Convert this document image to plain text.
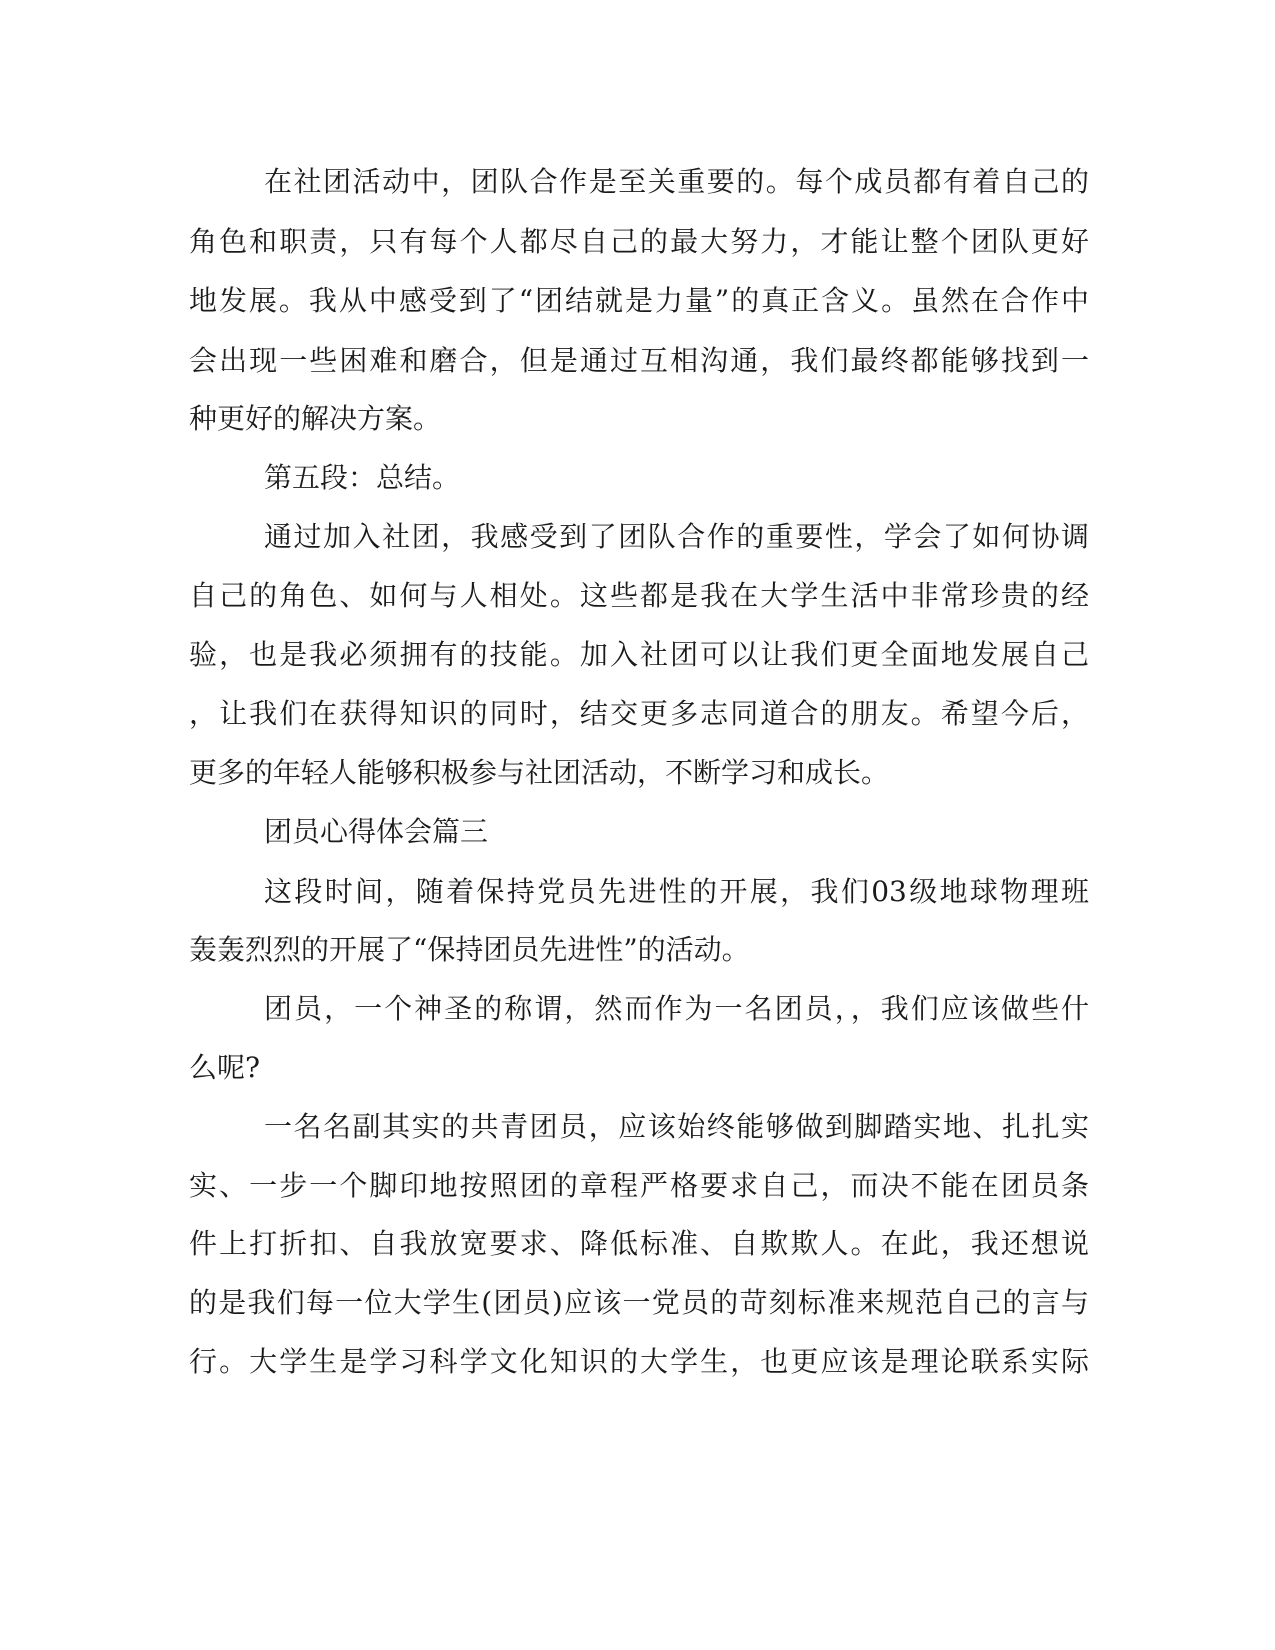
在社团活动中，团队合作是至关重要的。每个成员都有着自己的
角色和职责，只有每个人都尽自己的最大努力，才能让整个团队更好
地发展。我从中感受到了“团结就是力量”的真正含义。虽然在合作中
会出现一些困难和磨合，但是通过互相沟通，我们最终都能够找到一
种更好的解决方案。
第五段：总结。
通过加入社团，我感受到了团队合作的重要性，学会了如何协调
自己的角色、如何与人相处。这些都是我在大学生活中非常珍贵的经
验，也是我必须拥有的技能。加入社团可以让我们更全面地发展自己
，让我们在获得知识的同时，结交更多志同道合的朋友。希望今后，
更多的年轻人能够积极参与社团活动，不断学习和成长。
团员心得体会篇三
这段时间，随着保持党员先进性的开展，我们03级地球物理班
轰轰烈烈的开展了“保持团员先进性”的活动。
团员，一个神圣的称谓，然而作为一名团员，，我们应该做些什
么呢?
一名名副其实的共青团员，应该始终能够做到脚踏实地、扎扎实
实、一步一个脚印地按照团的章程严格要求自己，而决不能在团员条
件上打折扣、自我放宽要求、降低标准、自欺欺人。在此，我还想说
的是我们每一位大学生(团员)应该一党员的苛刻标准来规范自己的言与
行。大学生是学习科学文化知识的大学生，也更应该是理论联系实际
